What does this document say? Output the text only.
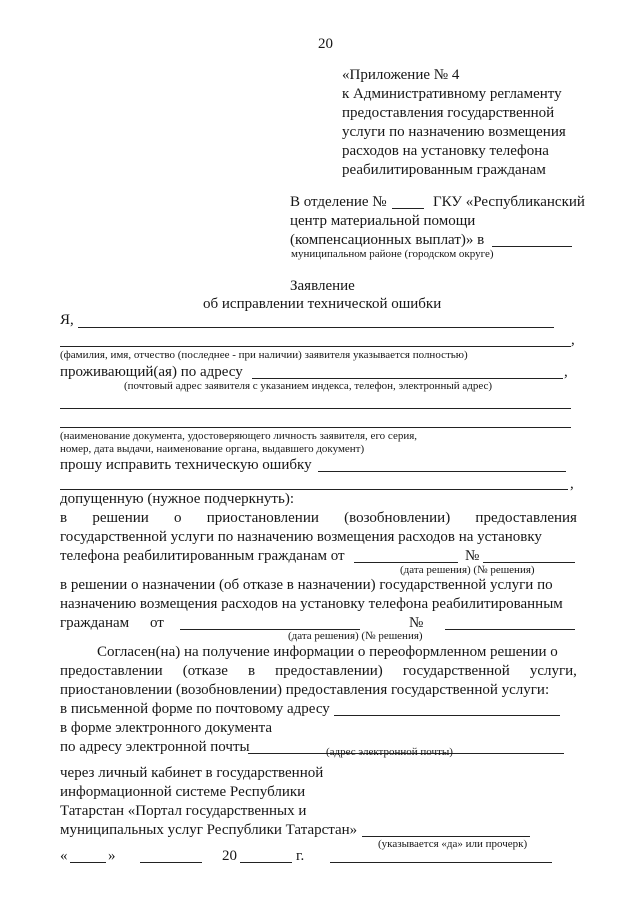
20
«Приложение № 4
к Административному регламенту
предоставления государственной
услуги по назначению возмещения
расходов на установку телефона
реабилитированным гражданам
В отделение №	ГКУ «Республиканский
центр материальной помощи
(компенсационных выплат)» в
муниципальном районе (городском округе)
Заявление
об исправлении технической ошибки
Я,
,
(фамилия, имя, отчество (последнее - при наличии) заявителя указывается полностью)
проживающий(ая) по адресу	,
(почтовый адрес заявителя с указанием индекса, телефон, электронный адрес)
(наименование документа, удостоверяющего личность заявителя, его серия,
номер, дата выдачи, наименование органа, выдавшего документ)
прошу исправить техническую ошибку
,
допущенную (нужное подчеркнуть):
в решении о приостановлении (возобновлении) предоставления
государственной услуги по назначению возмещения расходов на установку
телефона реабилитированным гражданам от	№
(дата решения) (№ решения)
в решении о назначении (об отказе в назначении) государственной услуги по
назначению возмещения расходов на установку телефона реабилитированным
гражданам от	№
(дата решения) (№ решения)
Согласен(на) на получение информации о переоформленном решении о
предоставлении (отказе в предоставлении) государственной услуги,
приостановлении (возобновлении) предоставления государственной услуги:
в письменной форме по почтовому адресу
в форме электронного документа
по адресу электронной почты	(адрес электронной почты)
через личный кабинет в государственной
информационной системе Республики
Татарстан «Портал государственных и
муниципальных услуг Республики Татарстан»
(указывается «да» или прочерк)
«	»	20	г.
